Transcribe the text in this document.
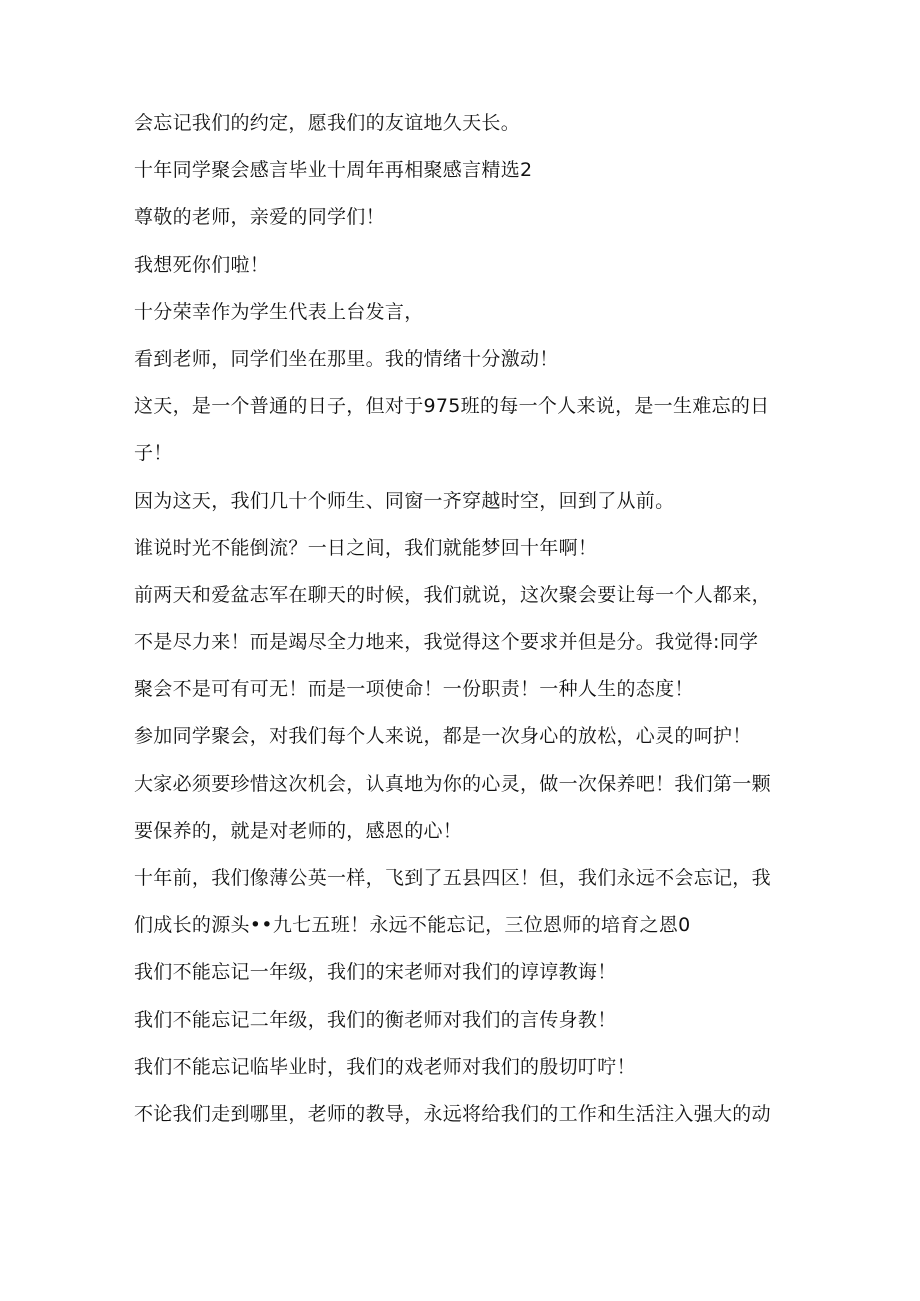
会忘记我们的约定，愿我们的友谊地久天长。
十年同学聚会感言毕业十周年再相聚感言精选2
尊敬的老师，亲爱的同学们！
我想死你们啦！
十分荣幸作为学生代表上台发言，
看到老师，同学们坐在那里。我的情绪十分激动！
这天，是一个普通的日子，但对于975班的每一个人来说，是一生难忘的日
子！
因为这天，我们几十个师生、同窗一齐穿越时空，回到了从前。
谁说时光不能倒流？一日之间，我们就能梦回十年啊！
前两天和爱盆志军在聊天的时候，我们就说，这次聚会要让每一个人都来，
不是尽力来！而是竭尽全力地来，我觉得这个要求并但是分。我觉得:同学
聚会不是可有可无！而是一项使命！一份职责！一种人生的态度！
参加同学聚会，对我们每个人来说，都是一次身心的放松，心灵的呵护！
大家必须要珍惜这次机会，认真地为你的心灵，做一次保养吧！我们第一颗
要保养的，就是对老师的，感恩的心！
十年前，我们像薄公英一样，飞到了五县四区！但，我们永远不会忘记，我
们成长的源头••九七五班！永远不能忘记，三位恩师的培育之恩0
我们不能忘记一年级，我们的宋老师对我们的谆谆教诲！
我们不能忘记二年级，我们的衡老师对我们的言传身教！
我们不能忘记临毕业时，我们的戏老师对我们的殷切叮咛！
不论我们走到哪里，老师的教导，永远将给我们的工作和生活注入强大的动
